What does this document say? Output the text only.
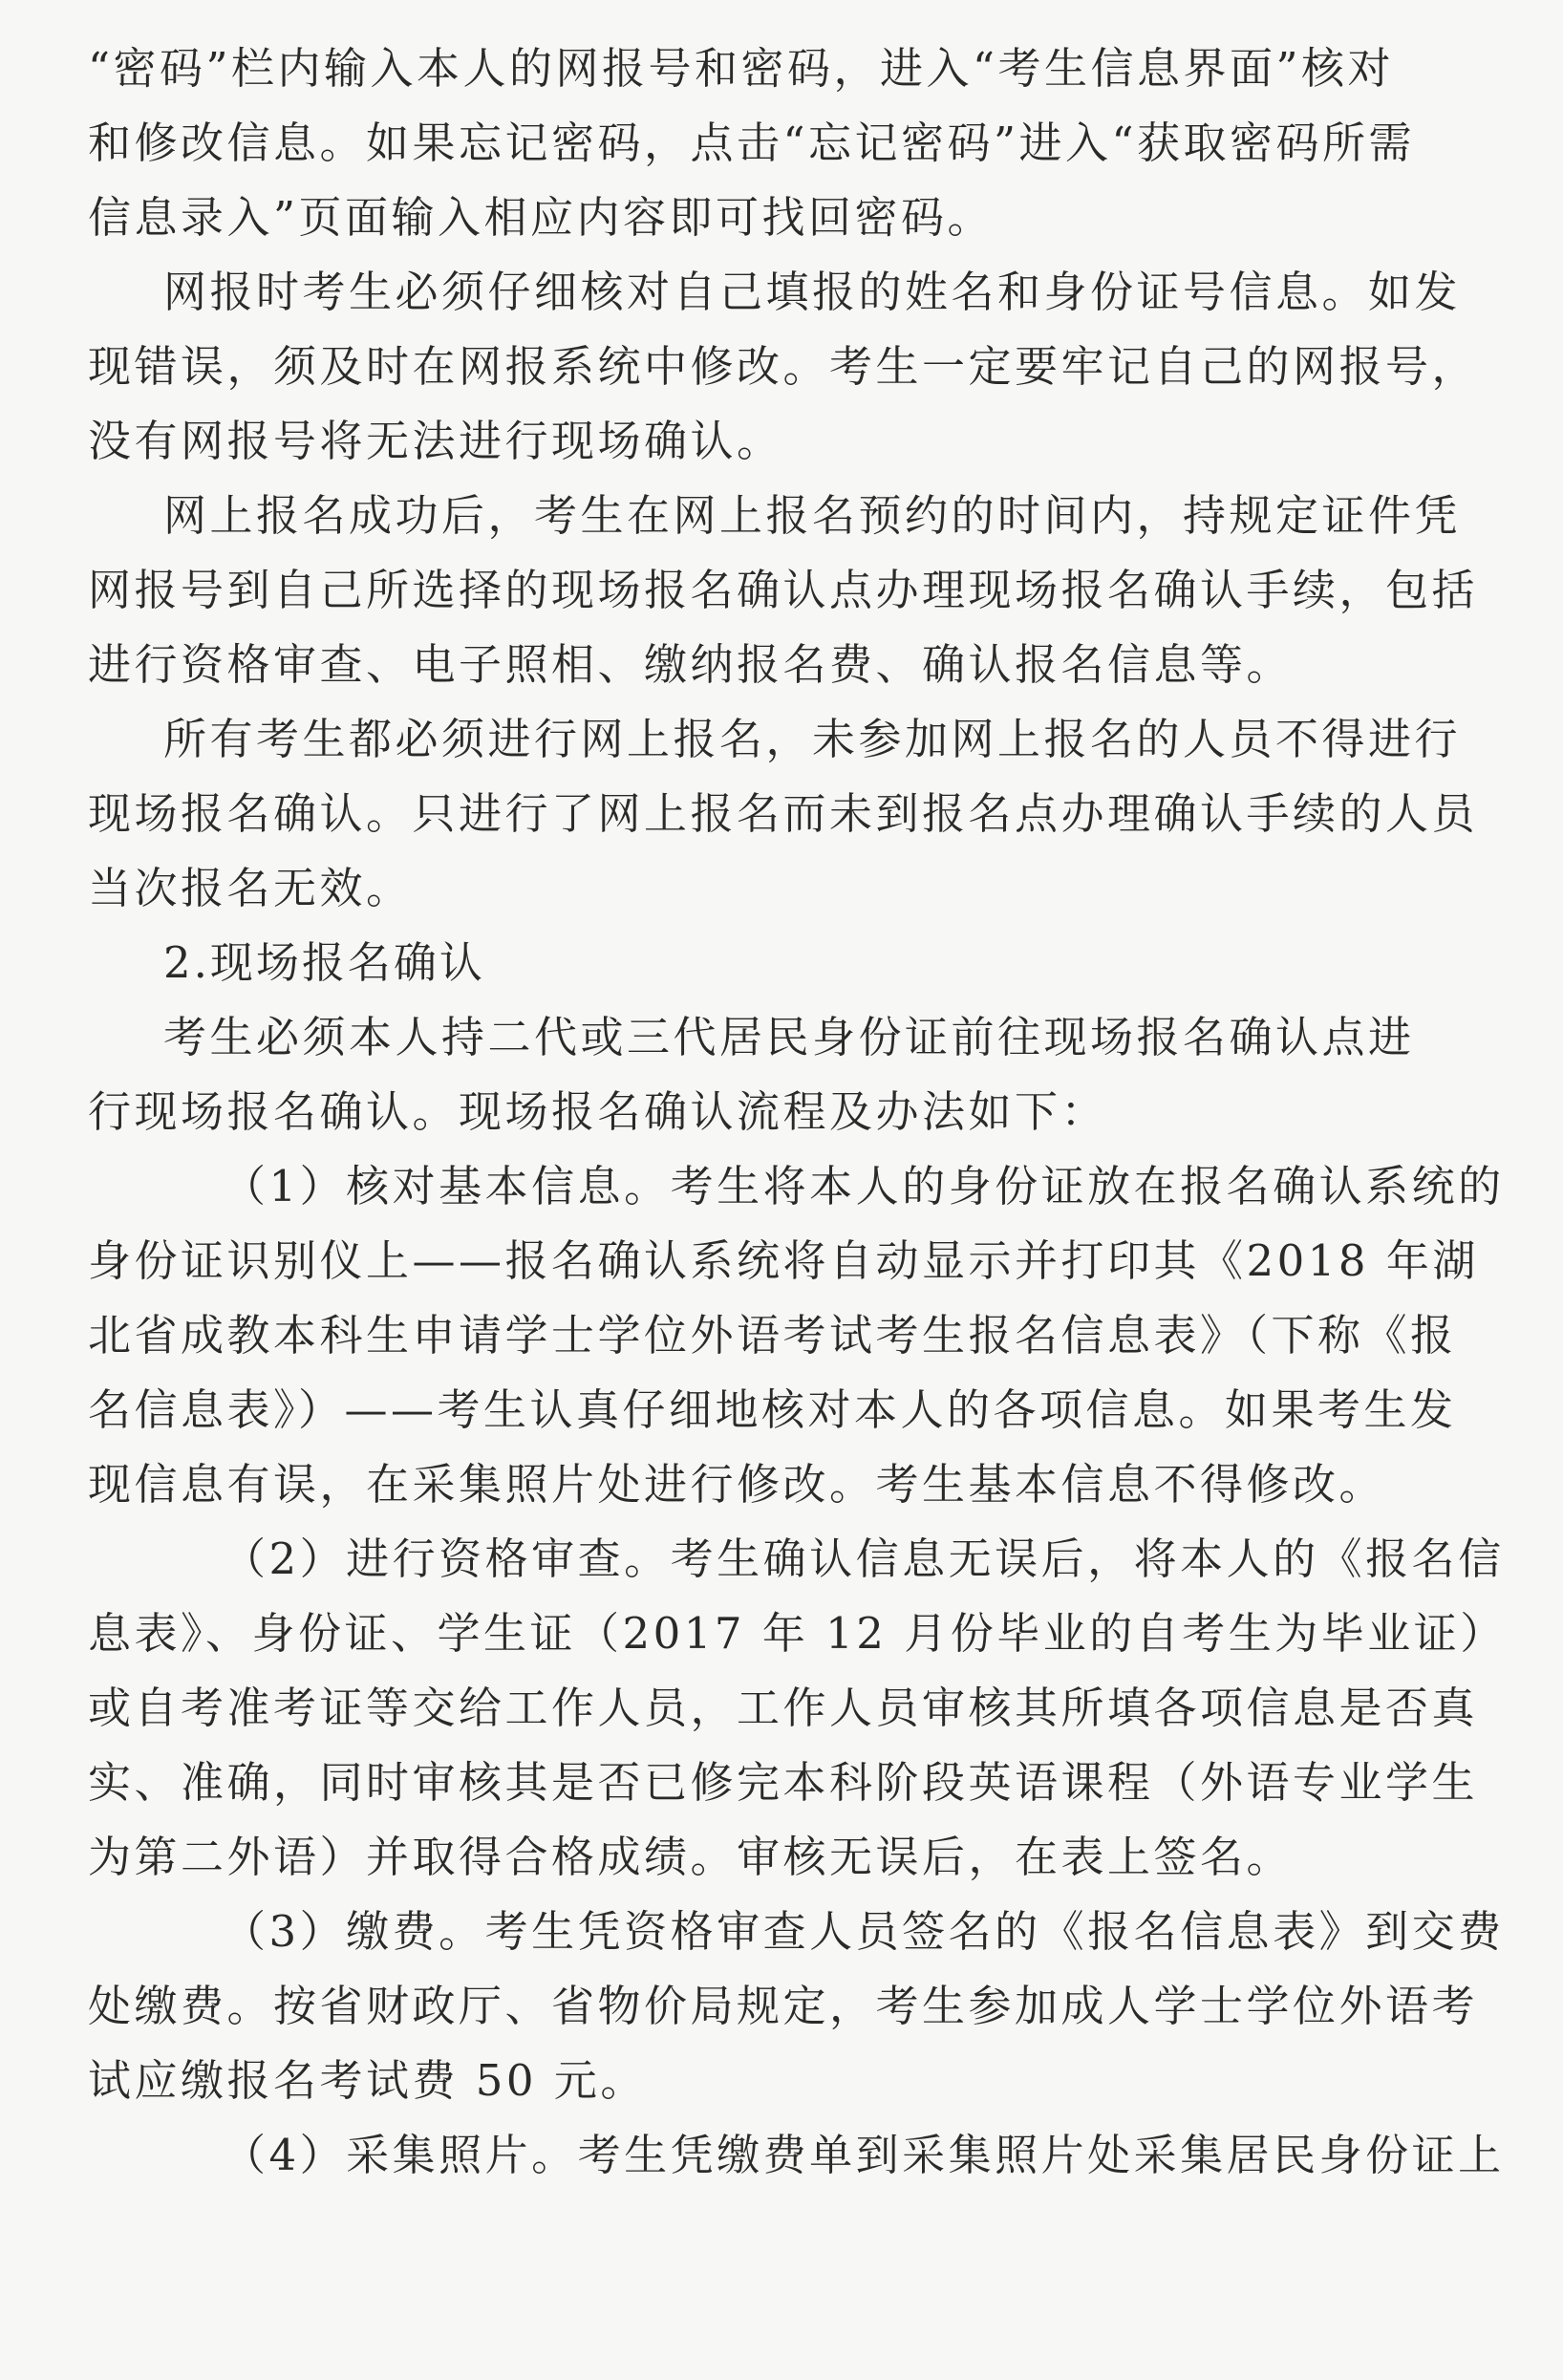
“密码”栏内输入本人的网报号和密码，进入“考生信息界面”核对
和修改信息。如果忘记密码，点击“忘记密码”进入“获取密码所需
信息录入”页面输入相应内容即可找回密码。
网报时考生必须仔细核对自己填报的姓名和身份证号信息。如发
现错误，须及时在网报系统中修改。考生一定要牢记自己的网报号，
没有网报号将无法进行现场确认。
网上报名成功后，考生在网上报名预约的时间内，持规定证件凭
网报号到自己所选择的现场报名确认点办理现场报名确认手续，包括
进行资格审查、电子照相、缴纳报名费、确认报名信息等。
所有考生都必须进行网上报名，未参加网上报名的人员不得进行
现场报名确认。只进行了网上报名而未到报名点办理确认手续的人员
当次报名无效。
2.现场报名确认
考生必须本人持二代或三代居民身份证前往现场报名确认点进
行现场报名确认。现场报名确认流程及办法如下：
（1）核对基本信息。考生将本人的身份证放在报名确认系统的
身份证识别仪上——报名确认系统将自动显示并打印其《2018 年湖
北省成教本科生申请学士学位外语考试考生报名信息表》（下称《报
名信息表》）——考生认真仔细地核对本人的各项信息。如果考生发
现信息有误，在采集照片处进行修改。考生基本信息不得修改。
（2）进行资格审查。考生确认信息无误后，将本人的《报名信
息表》、身份证、学生证（2017 年 12 月份毕业的自考生为毕业证）
或自考准考证等交给工作人员，工作人员审核其所填各项信息是否真
实、准确，同时审核其是否已修完本科阶段英语课程（外语专业学生
为第二外语）并取得合格成绩。审核无误后，在表上签名。
（3）缴费。考生凭资格审查人员签名的《报名信息表》到交费
处缴费。按省财政厅、省物价局规定，考生参加成人学士学位外语考
试应缴报名考试费 50 元。
（4）采集照片。考生凭缴费单到采集照片处采集居民身份证上
